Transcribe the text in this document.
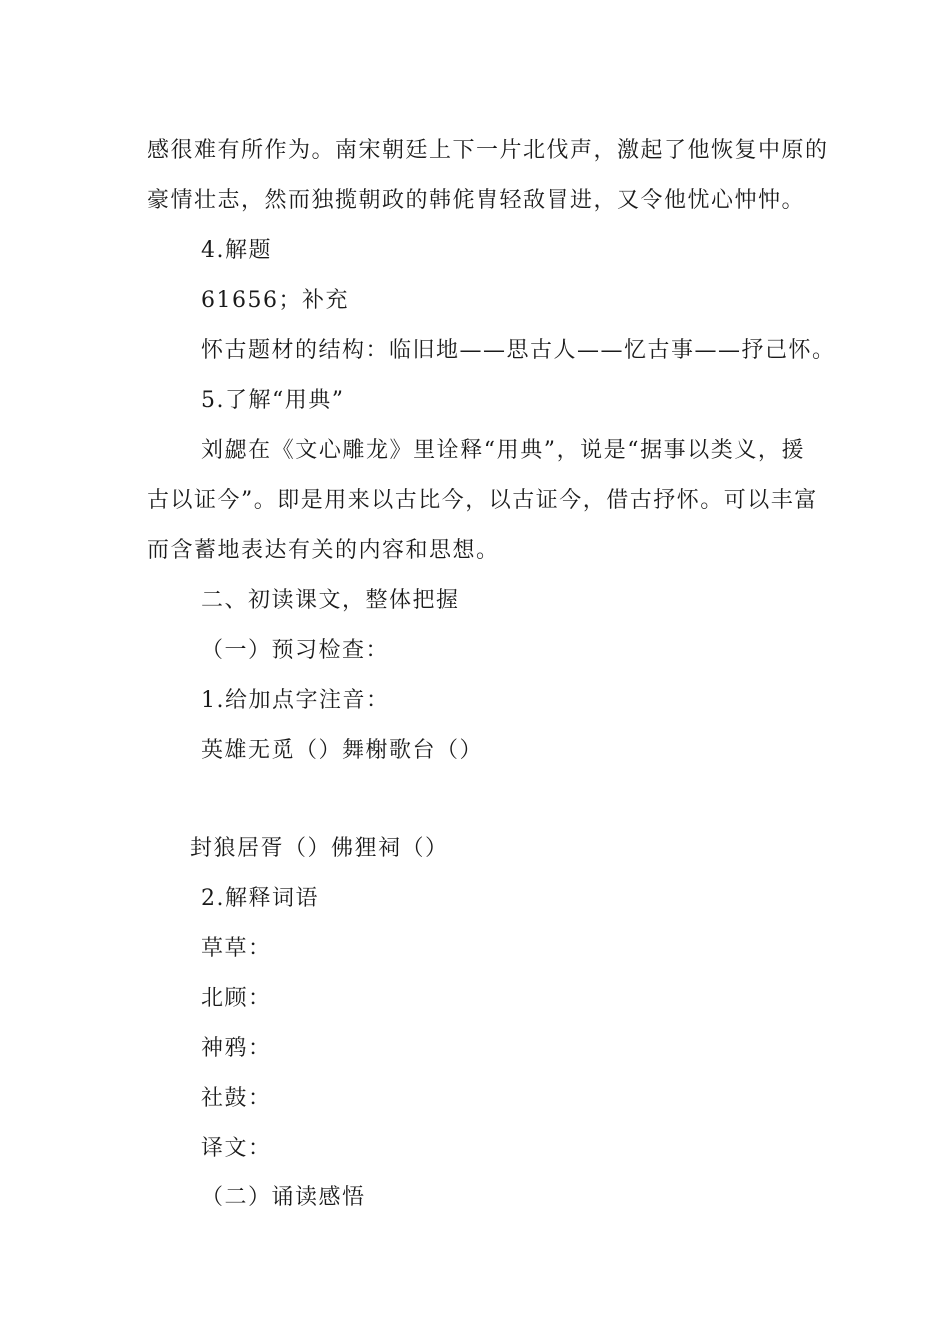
感很难有所作为。南宋朝廷上下一片北伐声，激起了他恢复中原的
豪情壮志，然而独揽朝政的韩侂胄轻敌冒进，又令他忧心忡忡。
4.解题
61656；补充
怀古题材的结构：临旧地——思古人——忆古事——抒己怀。
5.了解“用典”
刘勰在《文心雕龙》里诠释“用典”，说是“据事以类义，援
古以证今”。即是用来以古比今，以古证今，借古抒怀。可以丰富
而含蓄地表达有关的内容和思想。
二、初读课文，整体把握
（一）预习检查：
1.给加点字注音：
英雄无觅（）舞榭歌台（）
封狼居胥（）佛狸祠（）
2.解释词语
草草：
北顾：
神鸦：
社鼓：
译文：
（二）诵读感悟
